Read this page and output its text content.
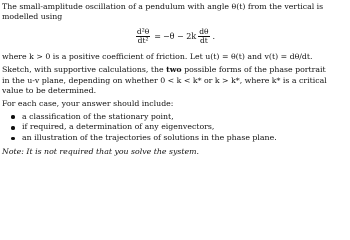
The small-amplitude oscillation of a pendulum with angle θ(t) from the vertical is
modelled using

$\frac{\text{d²θ}}{\text{dt²}} = -\theta - 2k \frac{d\theta}{dt}$ .

where k > 0 is a positive coefficient of friction. Let u(t) = θ(t) and v(t) = dθ/dt.

Sketch, with supportive calculations, the two possible forms of the phase portrait
in the u-v plane, depending on whether 0 < k < k* or k > k*, where k* is a critical
value to be determined.

For each case, your answer should include:

a classification of the stationary point,
if required, a determination of any eigenvectors,
an illustration of the trajectories of solutions in the phase plane.

Note: It is not required that you solve the system.
